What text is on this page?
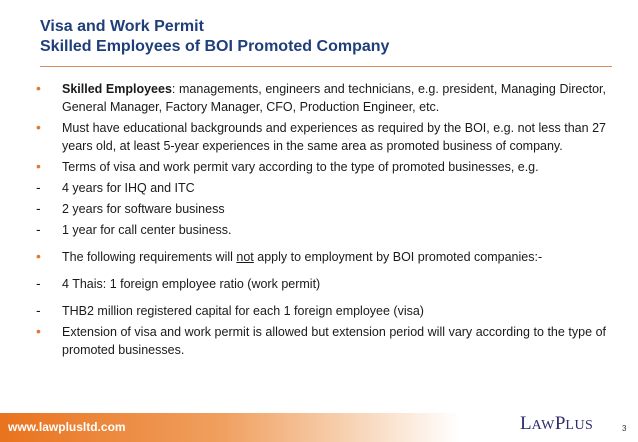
Visa and Work Permit
Skilled Employees of BOI Promoted Company
•	Skilled Employees: managements, engineers and technicians, e.g. president, Managing Director, General Manager, Factory Manager, CFO, Production Engineer, etc.
•	Must have educational backgrounds and experiences as required by the BOI, e.g. not less than 27 years old, at least 5-year experiences in the same area as promoted business of company.
•	Terms of visa and work permit vary according to the type of promoted businesses, e.g.
-	4 years for IHQ and ITC
-	2 years for software business
-	1 year for call center business.
•	The following requirements will not apply to employment by BOI promoted companies:-
-	4 Thais: 1 foreign employee ratio (work permit)
-	THB2 million registered capital for each 1 foreign employee (visa)
•	Extension of visa and work permit is allowed but extension period will vary according to the type of promoted businesses.
www.lawplusltd.com	LAWPLUS	3
